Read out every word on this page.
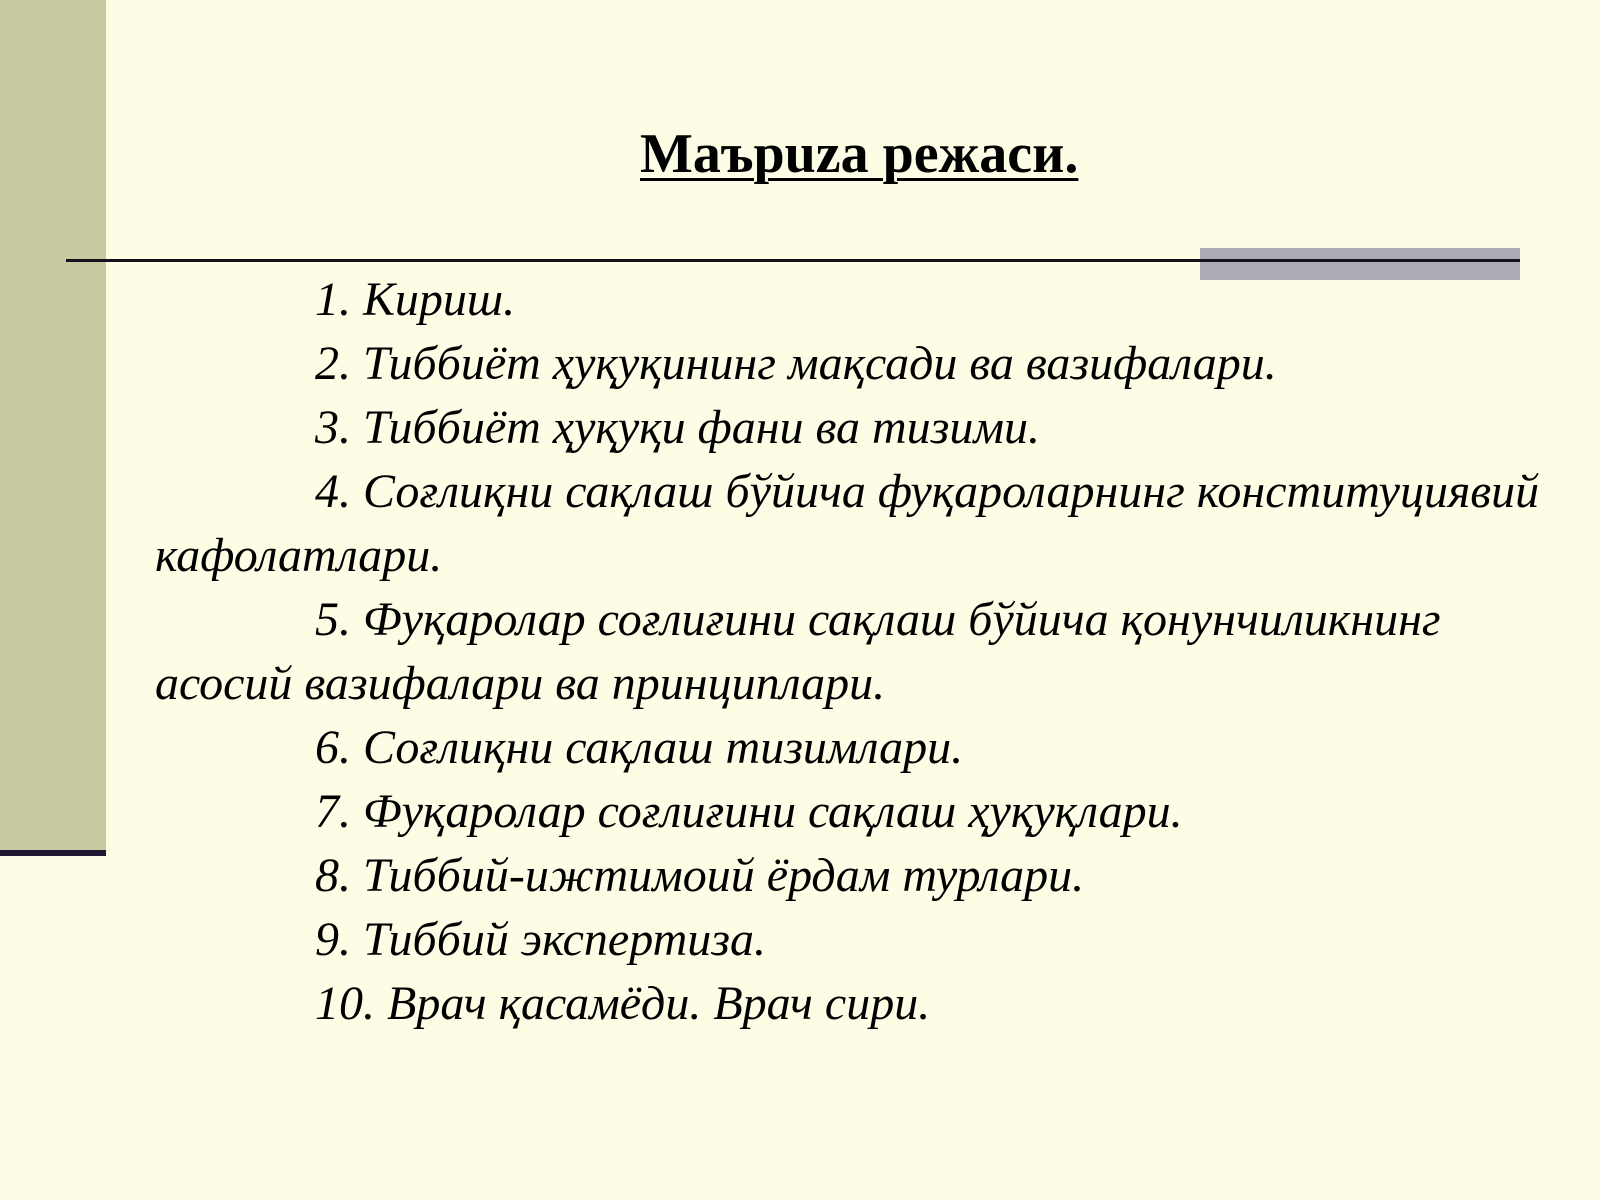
Маърuza режаси.
1. Кириш.
2. Тиббиёт ҳуқуқининг мақсади ва вазифалари.
3. Тиббиёт ҳуқуқи фани ва тизими.
4. Соғлиқни сақлаш бўйича фуқароларнинг конституциявий кафолатлари.
5. Фуқаролар соғлиғини сақлаш бўйича қонунчиликнинг асосий вазифалари ва принциплари.
6. Соғлиқни сақлаш тизимлари.
7. Фуқаролар соғлиғини сақлаш ҳуқуқлари.
8. Тиббий-ижтимоий ёрдам турлари.
9. Тиббий экспертиза.
10. Врач қасамёди. Врач сири.
